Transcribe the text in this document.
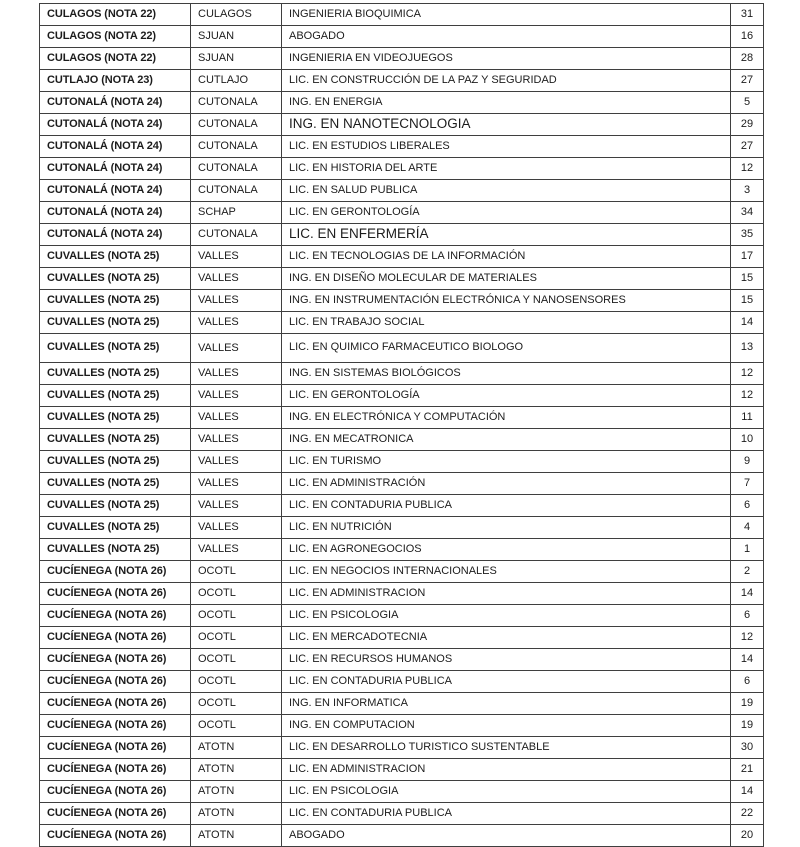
CULAGOS (NOTA 22)	CULAGOS	INGENIERIA BIOQUIMICA	31
CULAGOS (NOTA 22)	SJUAN	ABOGADO	16
CULAGOS (NOTA 22)	SJUAN	INGENIERIA EN VIDEOJUEGOS	28
CUTLAJO (NOTA 23)	CUTLAJO	LIC. EN CONSTRUCCIÓN DE LA PAZ Y SEGURIDAD	27
CUTONALÁ (NOTA 24)	CUTONALA	ING. EN ENERGIA	5
CUTONALÁ (NOTA 24)	CUTONALA	ING. EN NANOTECNOLOGIA	29
CUTONALÁ (NOTA 24)	CUTONALA	LIC. EN ESTUDIOS LIBERALES	27
CUTONALÁ (NOTA 24)	CUTONALA	LIC. EN HISTORIA DEL ARTE	12
CUTONALÁ (NOTA 24)	CUTONALA	LIC. EN SALUD PUBLICA	3
CUTONALÁ (NOTA 24)	SCHAP	LIC. EN GERONTOLOGÍA	34
CUTONALÁ (NOTA 24)	CUTONALA	LIC. EN ENFERMERÍA	35
CUVALLES (NOTA 25)	VALLES	LIC. EN TECNOLOGIAS DE LA INFORMACIÓN	17
CUVALLES (NOTA 25)	VALLES	ING. EN DISEÑO MOLECULAR DE MATERIALES	15
CUVALLES (NOTA 25)	VALLES	ING. EN INSTRUMENTACIÓN ELECTRÓNICA Y NANOSENSORES	15
CUVALLES (NOTA 25)	VALLES	LIC. EN TRABAJO SOCIAL	14
CUVALLES (NOTA 25)	VALLES	LIC. EN QUIMICO FARMACEUTICO BIOLOGO	13
CUVALLES (NOTA 25)	VALLES	ING. EN SISTEMAS BIOLÓGICOS	12
CUVALLES (NOTA 25)	VALLES	LIC. EN GERONTOLOGÍA	12
CUVALLES (NOTA 25)	VALLES	ING. EN ELECTRÓNICA Y COMPUTACIÓN	11
CUVALLES (NOTA 25)	VALLES	ING. EN MECATRONICA	10
CUVALLES (NOTA 25)	VALLES	LIC. EN TURISMO	9
CUVALLES (NOTA 25)	VALLES	LIC. EN ADMINISTRACIÓN	7
CUVALLES (NOTA 25)	VALLES	LIC. EN CONTADURIA PUBLICA	6
CUVALLES (NOTA 25)	VALLES	LIC. EN NUTRICIÓN	4
CUVALLES (NOTA 25)	VALLES	LIC. EN AGRONEGOCIOS	1
CUCÍENEGA (NOTA 26)	OCOTL	LIC. EN NEGOCIOS INTERNACIONALES	2
CUCÍENEGA (NOTA 26)	OCOTL	LIC. EN ADMINISTRACION	14
CUCÍENEGA (NOTA 26)	OCOTL	LIC. EN PSICOLOGIA	6
CUCÍENEGA (NOTA 26)	OCOTL	LIC. EN MERCADOTECNIA	12
CUCÍENEGA (NOTA 26)	OCOTL	LIC. EN RECURSOS HUMANOS	14
CUCÍENEGA (NOTA 26)	OCOTL	LIC. EN CONTADURIA PUBLICA	6
CUCÍENEGA (NOTA 26)	OCOTL	ING. EN INFORMATICA	19
CUCÍENEGA (NOTA 26)	OCOTL	ING. EN COMPUTACION	19
CUCÍENEGA (NOTA 26)	ATOTN	LIC. EN DESARROLLO TURISTICO SUSTENTABLE	30
CUCÍENEGA (NOTA 26)	ATOTN	LIC. EN ADMINISTRACION	21
CUCÍENEGA (NOTA 26)	ATOTN	LIC. EN PSICOLOGIA	14
CUCÍENEGA (NOTA 26)	ATOTN	LIC. EN CONTADURIA PUBLICA	22
CUCÍENEGA (NOTA 26)	ATOTN	ABOGADO	20
